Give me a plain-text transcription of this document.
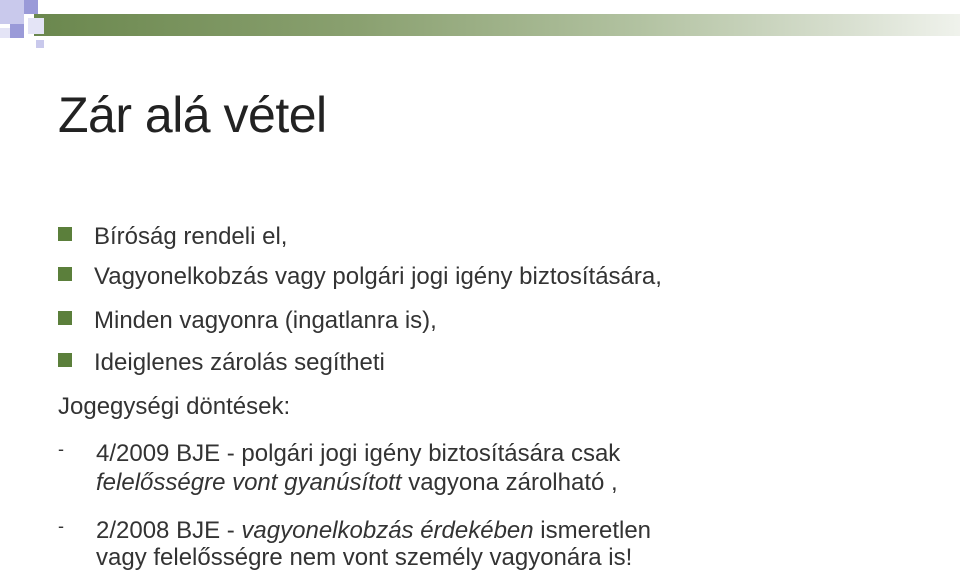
Zár alá vétel
Bíróság rendeli el,
Vagyonelkobzás vagy polgári jogi igény biztosítására,
Minden vagyonra (ingatlanra is),
Ideiglenes zárolás segítheti
Jogegységi döntések:
- 4/2009 BJE - polgári jogi igény biztosítására csak
felelősségre vont gyanúsított vagyona zárolható ,
- 2/2008 BJE - vagyonelkobzás érdekében ismeretlen
vagy felelősségre nem vont személy vagyonára is!
